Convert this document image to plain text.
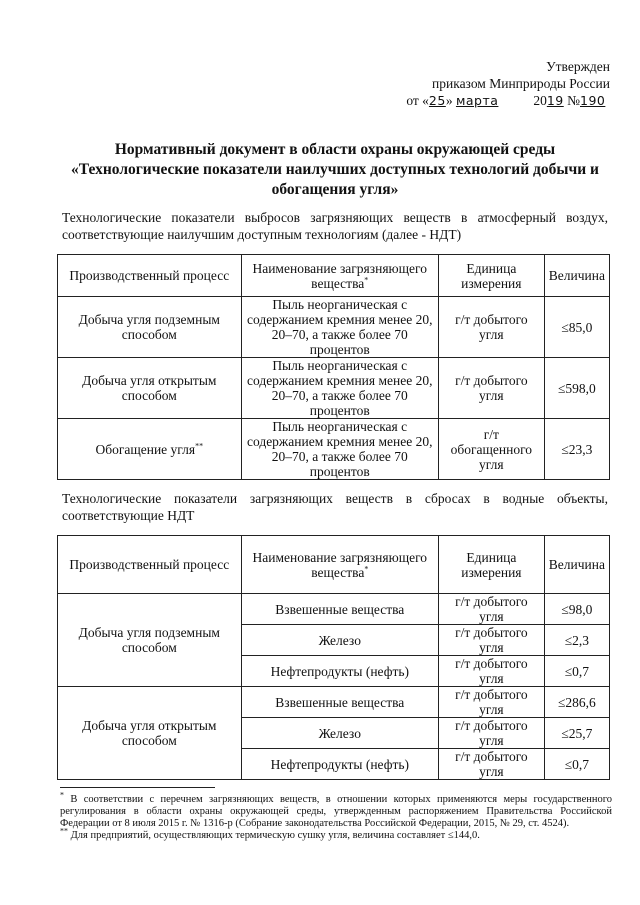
Утвержден
приказом Минприроды России
от «25» марта	2019 №190
Нормативный документ в области охраны окружающей среды
«Технологические показатели наилучших доступных технологий добычи и
обогащения угля»
Технологические показатели выбросов загрязняющих веществ в атмосферный воздух, соответствующие наилучшим доступным технологиям (далее - НДТ)
Производственный процесс	Наименование загрязняющего вещества*	Единица измерения	Величина
Добыча угля подземным способом	Пыль неорганическая с содержанием кремния менее 20, 20–70, а также более 70 процентов	г/т добытого угля	≤85,0
Добыча угля открытым способом	Пыль неорганическая с содержанием кремния менее 20, 20–70, а также более 70 процентов	г/т добытого угля	≤598,0
Обогащение угля**	Пыль неорганическая с содержанием кремния менее 20, 20–70, а также более 70 процентов	г/т обогащенного угля	≤23,3
Технологические показатели загрязняющих веществ в сбросах в водные объекты, соответствующие НДТ
Производственный процесс	Наименование загрязняющего вещества*	Единица измерения	Величина
Добыча угля подземным способом	Взвешенные вещества	г/т добытого угля	≤98,0
	Железо	г/т добытого угля	≤2,3
	Нефтепродукты (нефть)	г/т добытого угля	≤0,7
Добыча угля открытым способом	Взвешенные вещества	г/т добытого угля	≤286,6
	Железо	г/т добытого угля	≤25,7
	Нефтепродукты (нефть)	г/т добытого угля	≤0,7

* В соответствии с перечнем загрязняющих веществ, в отношении которых применяются меры государственного регулирования в области охраны окружающей среды, утвержденным распоряжением Правительства Российской Федерации от 8 июля 2015 г. № 1316-р (Собрание законодательства Российской Федерации, 2015, № 29, ст. 4524).

** Для предприятий, осуществляющих термическую сушку угля, величина составляет ≤144,0.
